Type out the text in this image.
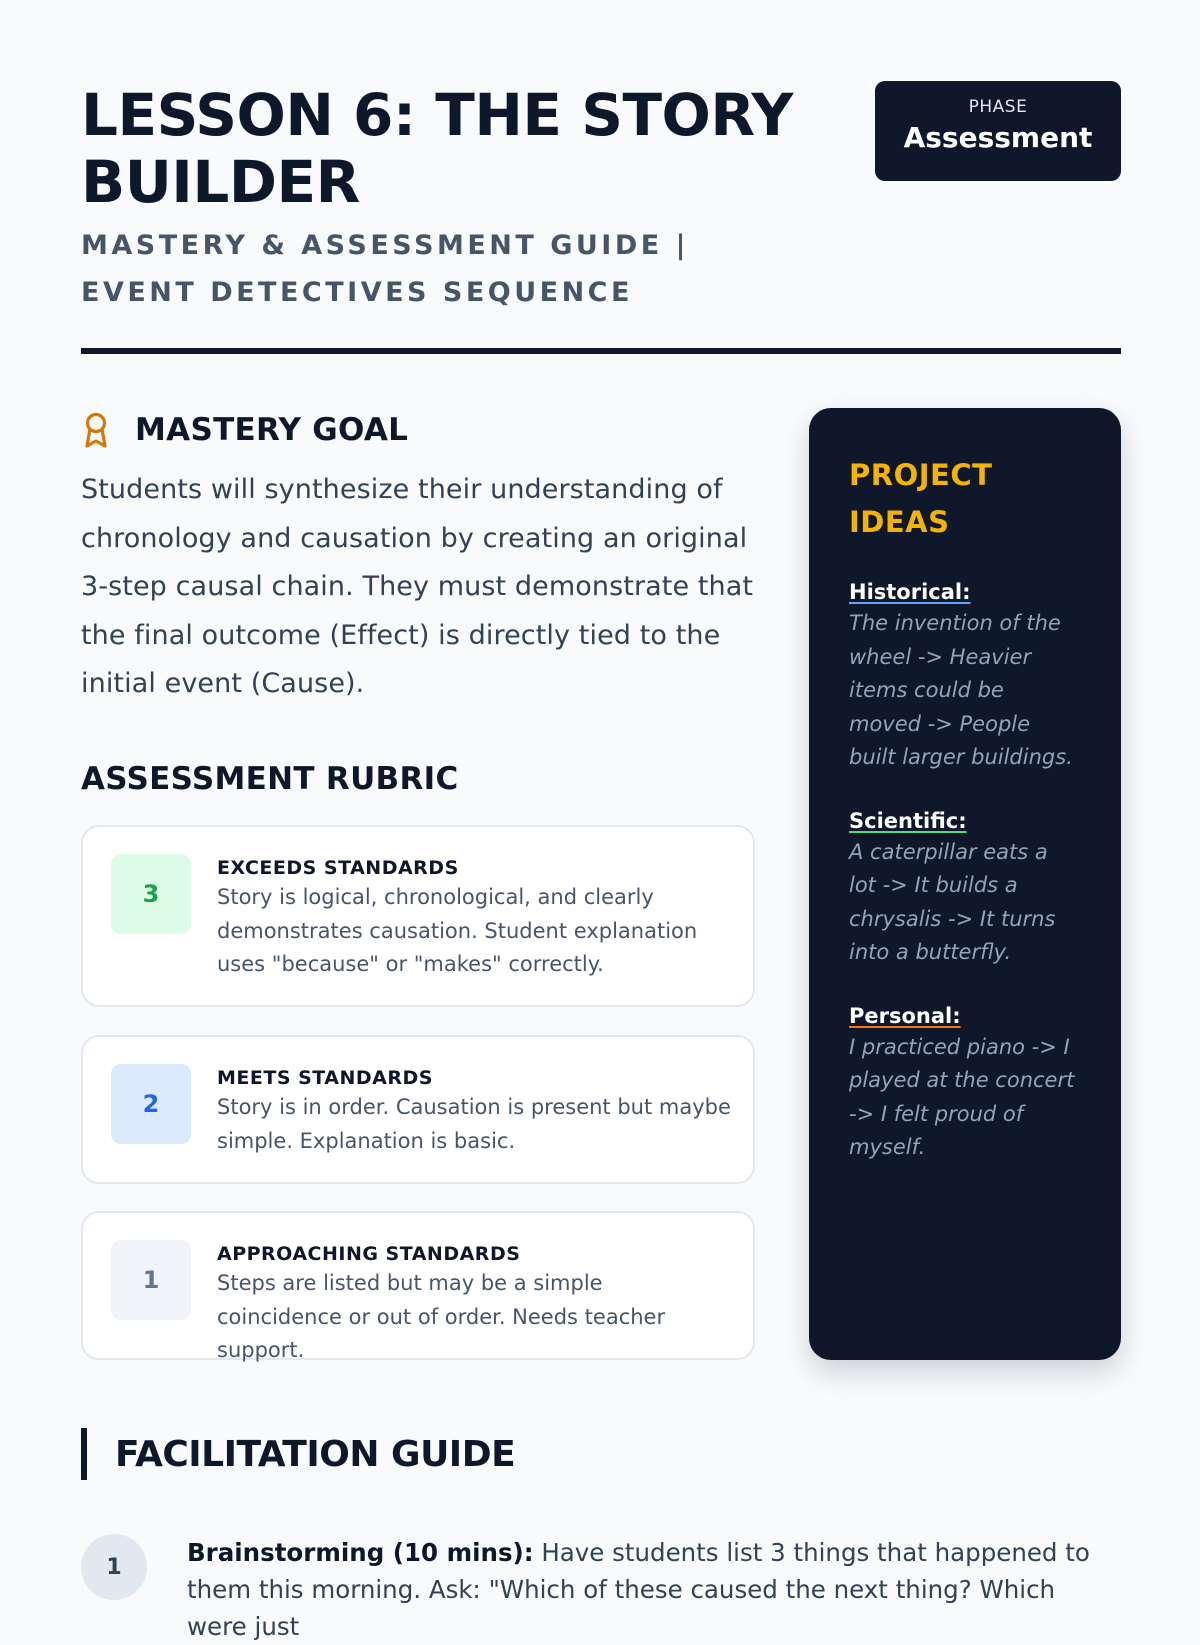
LESSON 6: THE STORY BUILDER
MASTERY & ASSESSMENT GUIDE | EVENT DETECTIVES SEQUENCE
PHASE
Assessment
MASTERY GOAL

Students will synthesize their understanding of chronology and causation by creating an original 3-step causal chain. They must demonstrate that the final outcome (Effect) is directly tied to the initial event (Cause).

ASSESSMENT RUBRIC
3
EXCEEDS STANDARDS
Story is logical, chronological, and clearly demonstrates causation. Student explanation uses "because" or "makes" correctly.
2
MEETS STANDARDS
Story is in order. Causation is present but maybe simple. Explanation is basic.
1
APPROACHING STANDARDS
Steps are listed but may be a simple coincidence or out of order. Needs teacher support.
PROJECT IDEAS
Historical:
The invention of the wheel -> Heavier items could be moved -> People built larger buildings.
Scientific:
A caterpillar eats a lot -> It builds a chrysalis -> It turns into a butterfly.
Personal:
I practiced piano -> I played at the concert -> I felt proud of myself.
FACILITATION GUIDE
1	Brainstorming (10 mins): Have students list 3 things that happened to them this morning. Ask: "Which of these caused the next thing? Which were just
